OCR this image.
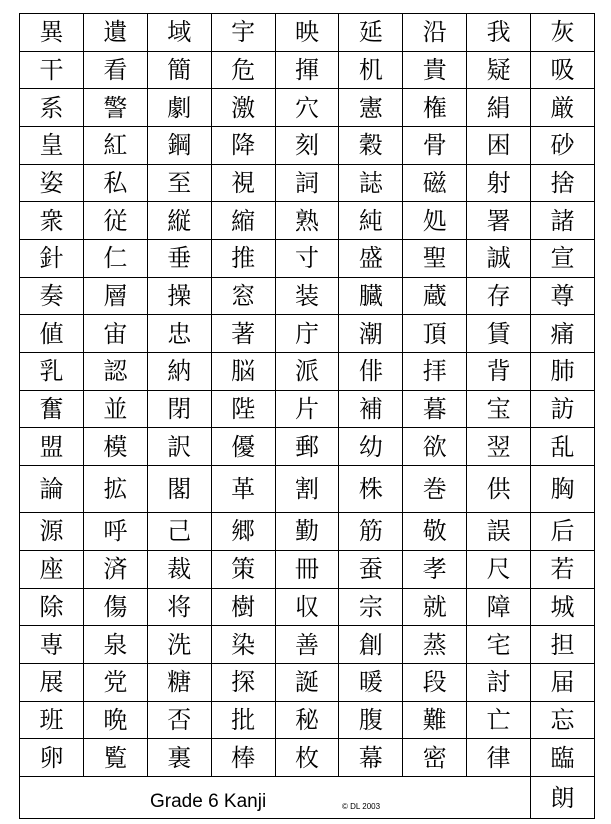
異	遺	域	宇	映	延	沿	我	灰
干	看	簡	危	揮	机	貴	疑	吸
系	警	劇	激	穴	憲	権	絹	厳
皇	紅	鋼	降	刻	穀	骨	困	砂
姿	私	至	視	詞	誌	磁	射	捨
衆	従	縦	縮	熟	純	処	署	諸
針	仁	垂	推	寸	盛	聖	誠	宣
奏	層	操	窓	装	臓	蔵	存	尊
値	宙	忠	著	庁	潮	頂	賃	痛
乳	認	納	脳	派	俳	拝	背	肺
奮	並	閉	陛	片	補	暮	宝	訪
盟	模	訳	優	郵	幼	欲	翌	乱
論	拡	閣	革	割	株	巻	供	胸
源	呼	己	郷	勤	筋	敬	誤	后
座	済	裁	策	冊	蚕	孝	尺	若
除	傷	将	樹	収	宗	就	障	城
専	泉	洗	染	善	創	蒸	宅	担
展	党	糖	探	誕	暖	段	討	届
班	晩	否	批	秘	腹	難	亡	忘
卵	覧	裏	棒	枚	幕	密	律	臨

Grade 6 Kanji © DL 2003								朗
